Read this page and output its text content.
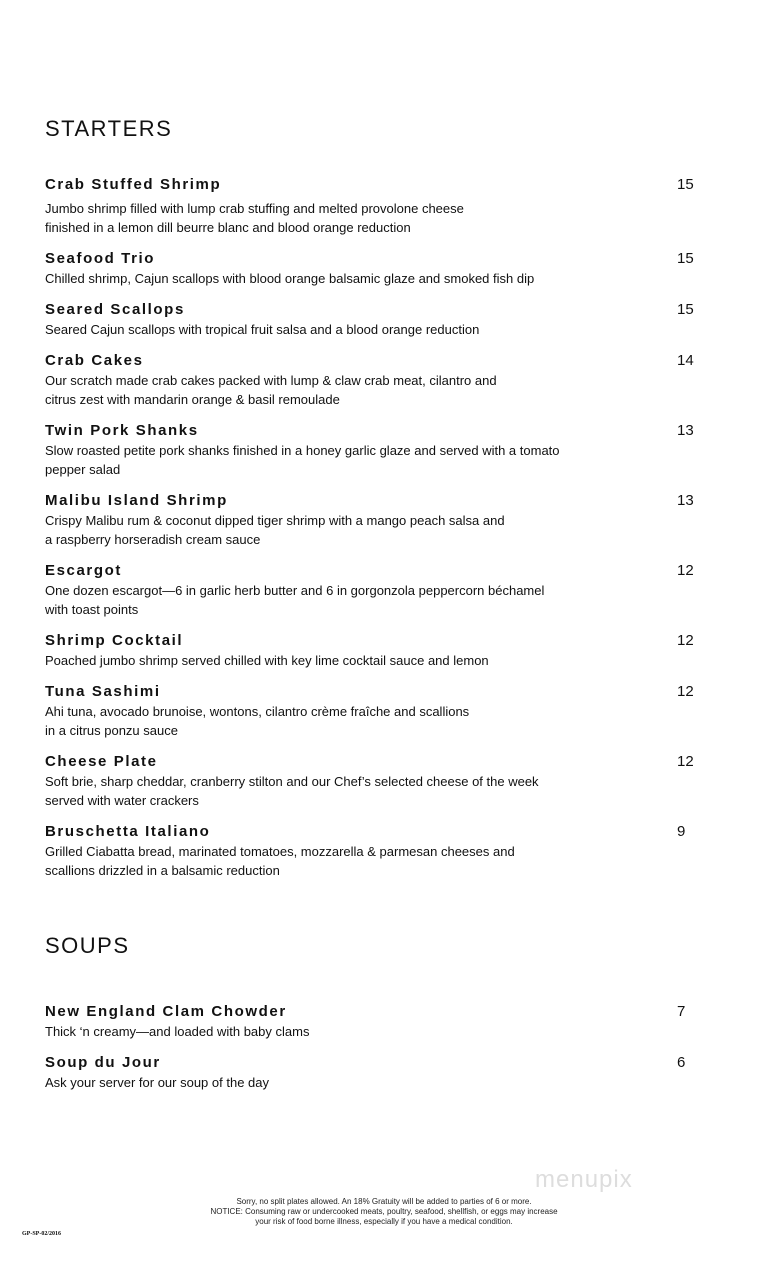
STARTERS
Crab Stuffed Shrimp	15
Jumbo shrimp filled with lump crab stuffing and melted provolone cheese
finished in a lemon dill beurre blanc and blood orange reduction
Seafood Trio	15
Chilled shrimp, Cajun scallops with blood orange balsamic glaze and smoked fish dip
Seared Scallops	15
Seared Cajun scallops with tropical fruit salsa and a blood orange reduction
Crab Cakes	14
Our scratch made crab cakes packed with lump & claw crab meat, cilantro and
citrus zest with mandarin orange & basil remoulade
Twin Pork Shanks	13
Slow roasted petite pork shanks finished in a honey garlic glaze and served with a tomato
pepper salad
Malibu Island Shrimp	13
Crispy Malibu rum & coconut dipped tiger shrimp with a mango peach salsa and
a raspberry horseradish cream sauce
Escargot	12
One dozen escargot—6 in garlic herb butter and 6 in gorgonzola peppercorn béchamel
with toast points
Shrimp Cocktail	12
Poached jumbo shrimp served chilled with key lime cocktail sauce and lemon
Tuna Sashimi	12
Ahi tuna, avocado brunoise, wontons, cilantro crème fraîche and scallions
in a citrus ponzu sauce
Cheese Plate	12
Soft brie, sharp cheddar, cranberry stilton and our Chef’s selected cheese of the week
served with water crackers
Bruschetta Italiano	9
Grilled Ciabatta bread, marinated tomatoes, mozzarella & parmesan cheeses and
scallions drizzled in a balsamic reduction
SOUPS
New England Clam Chowder	7
Thick ‘n creamy—and loaded with baby clams
Soup du Jour	6
Ask your server for our soup of the day
menupix
Sorry, no split plates allowed. An 18% Gratuity will be added to parties of 6 or more.
NOTICE: Consuming raw or undercooked meats, poultry, seafood, shellfish, or eggs may increase
your risk of food borne illness, especially if you have a medical condition.
GP-SP-02/2016
